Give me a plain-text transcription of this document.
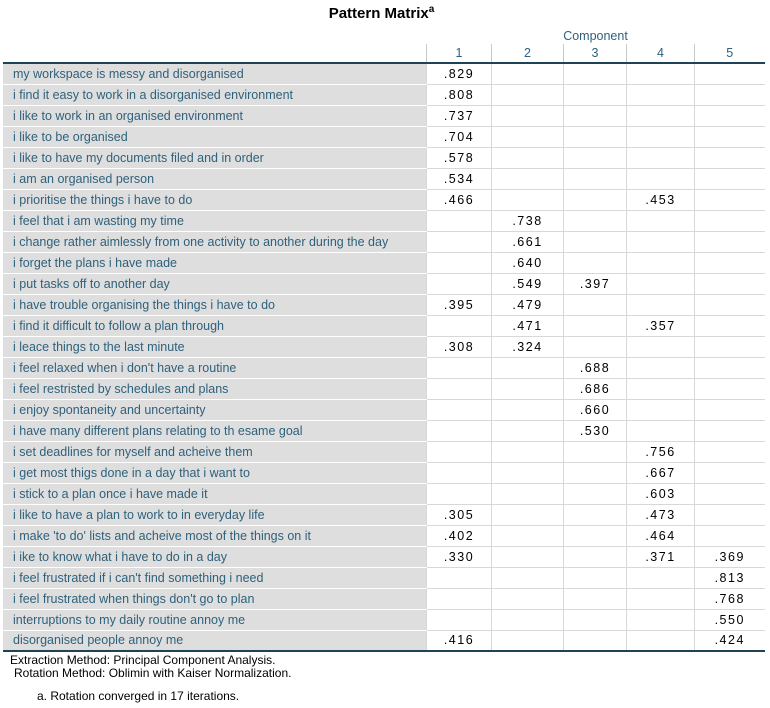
Pattern Matrix$^a$
	Component				
	1	2	3	4	5
my workspace is messy and disorganised	.829				
i find it easy to work in a disorganised environment	.808				
i like to work in an organised environment	.737				
i like to be organised	.704				
i like to have my documents filed and in order	.578				
i am an organised person	.534				
i prioritise the things i have to do	.466			.453	
i feel that i am wasting my time		.738			
i change rather aimlessly from one activity to another during the day		.661			
i forget the plans i have made		.640			
i put tasks off to another day		.549	.397		
i have trouble organising the things i have to do	.395	.479			
i find it difficult to follow a plan through		.471		.357	
i leace things to the last minute	.308	.324			
i feel relaxed when i don't have a routine			.688		
i feel restristed by schedules and plans			.686		
i enjoy spontaneity and uncertainty			.660		
i have many different plans relating to th esame goal			.530		
i set deadlines for myself and acheive them				.756	
i get most thigs done in a day that i want to				.667	
i stick to a plan once i have made it				.603	
i like to have a plan to work to in everyday life	.305			.473	
i make 'to do' lists and acheive most of the things on it	.402			.464	
i ike to know what i have to do in a day	.330			.371	.369
i feel frustrated if i can't find something i need					.813
i feel frustrated when things don't go to plan					.768
interruptions to my daily routine annoy me					.550
disorganised people annoy me	.416				.424
Extraction Method: Principal Component Analysis.
Rotation Method: Oblimin with Kaiser Normalization.
a. Rotation converged in 17 iterations.
